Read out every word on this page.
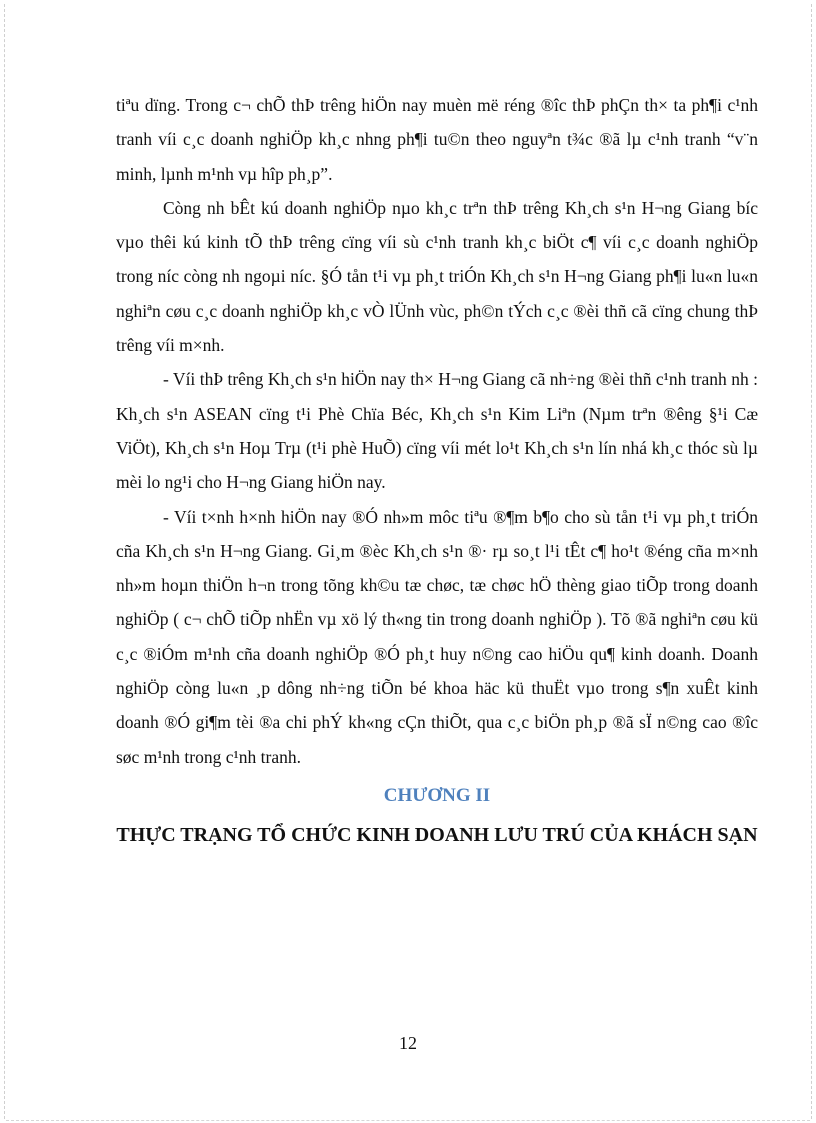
tiªu dïng. Trong c¬ chÕ thÞ trêng hiÖn nay muèn më réng ®îc thÞ phÇn th× ta ph¶i c¹nh tranh víi c¸c doanh nghiÖp kh¸c nhng ph¶i tu©n theo nguyªn t¾c ®ã lµ c¹nh tranh “v¨n minh, lµnh m¹nh vµ hîp ph¸p”.

Còng nh bÊt kú doanh nghiÖp nµo kh¸c trªn thÞ trêng Kh¸ch s¹n H¬ng Giang bíc vµo thêi kú kinh tÕ thÞ trêng cïng víi sù c¹nh tranh kh¸c biÖt c¶ víi c¸c doanh nghiÖp trong níc còng nh ngoµi níc. §Ó tån t¹i vµ ph¸t triÓn Kh¸ch s¹n H¬ng Giang ph¶i lu«n lu«n nghiªn cøu c¸c doanh nghiÖp kh¸c vÒ lÜnh vùc, ph©n tÝch c¸c ®èi thñ cã cïng chung thÞ trêng víi m×nh.

- Víi thÞ trêng Kh¸ch s¹n hiÖn nay th× H¬ng Giang cã nh÷ng ®èi thñ c¹nh tranh nh : Kh¸ch s¹n ASEAN cïng t¹i Phè Chïa Béc, Kh¸ch s¹n Kim Liªn (Nµm trªn ®êng §¹i Cæ ViÖt), Kh¸ch s¹n Hoµ Trµ (t¹i phè HuÕ) cïng víi mét lo¹t Kh¸ch s¹n lín nhá kh¸c thóc sù lµ mèi lo ng¹i cho H¬ng Giang hiÖn nay.

- Víi t×nh h×nh hiÖn nay ®Ó nh»m môc tiªu ®¶m b¶o cho sù tån t¹i vµ ph¸t triÓn cña Kh¸ch s¹n H¬ng Giang. Gi¸m ®èc Kh¸ch s¹n ®· rµ so¸t l¹i tÊt c¶ ho¹t ®éng cña m×nh nh»m hoµn thiÖn h¬n trong tõng kh©u tæ chøc, tæ chøc hÖ thèng giao tiÕp trong doanh nghiÖp ( c¬ chÕ tiÕp nhËn vµ xö lý th«ng tin trong doanh nghiÖp ). Tõ ®ã nghiªn cøu kü c¸c ®iÓm m¹nh cña doanh nghiÖp ®Ó ph¸t huy n©ng cao hiÖu qu¶ kinh doanh. Doanh nghiÖp còng lu«n ¸p dông nh÷ng tiÕn bé khoa häc kü thuËt vµo trong s¶n xuÊt kinh doanh ®Ó gi¶m tèi ®a chi phÝ kh«ng cÇn thiÕt, qua c¸c biÖn ph¸p ®ã sÏ n©ng cao ®îc søc m¹nh trong c¹nh tranh.

CHƯƠNG II
THỰC TRẠNG TỔ CHỨC KINH DOANH LƯU TRÚ CỦA KHÁCH SẠN
12
